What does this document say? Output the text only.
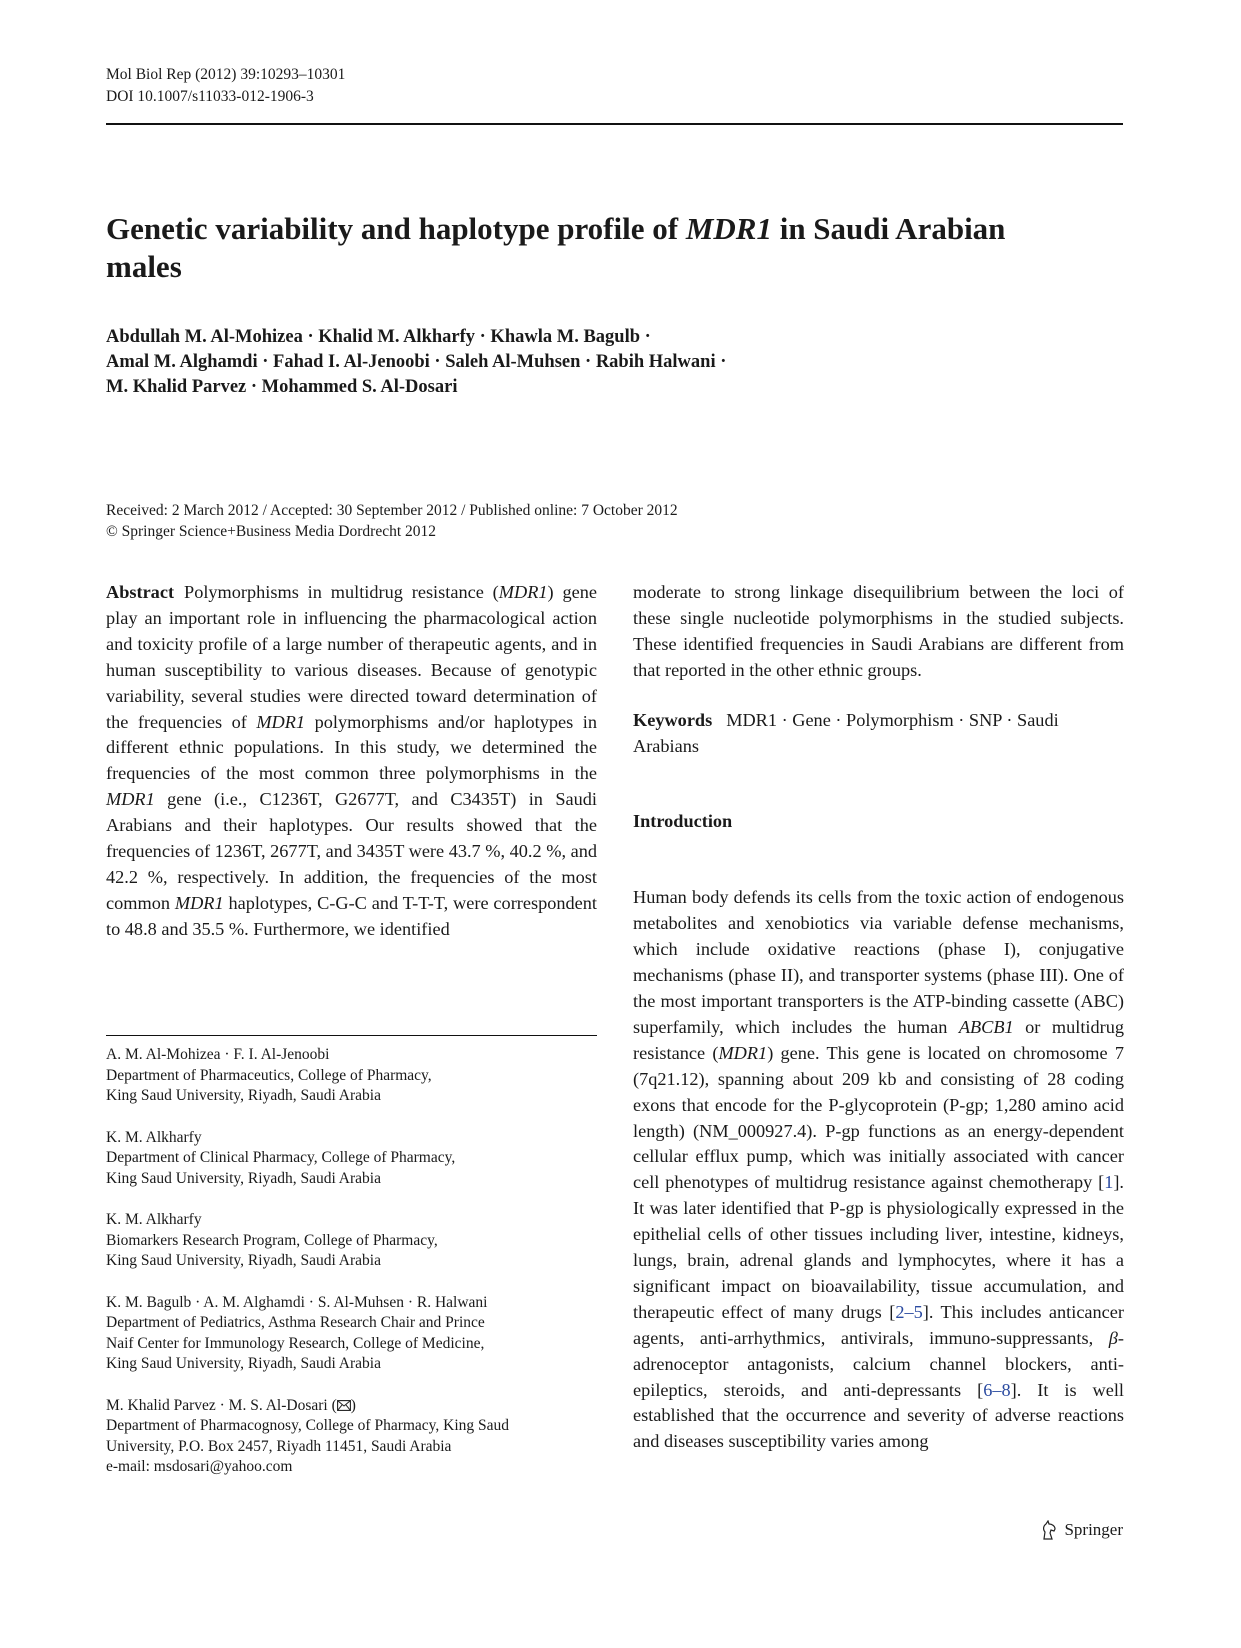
Mol Biol Rep (2012) 39:10293–10301
DOI 10.1007/s11033-012-1906-3
Genetic variability and haplotype profile of MDR1 in Saudi Arabian males
Abdullah M. Al-Mohizea · Khalid M. Alkharfy · Khawla M. Bagulb ·
Amal M. Alghamdi · Fahad I. Al-Jenoobi · Saleh Al-Muhsen · Rabih Halwani ·
M. Khalid Parvez · Mohammed S. Al-Dosari
Received: 2 March 2012 / Accepted: 30 September 2012 / Published online: 7 October 2012
© Springer Science+Business Media Dordrecht 2012
Abstract Polymorphisms in multidrug resistance (MDR1) gene play an important role in influencing the pharmacological action and toxicity profile of a large number of therapeutic agents, and in human susceptibility to various diseases. Because of genotypic variability, several studies were directed toward determination of the frequencies of MDR1 polymorphisms and/or haplotypes in different ethnic populations. In this study, we determined the frequencies of the most common three polymorphisms in the MDR1 gene (i.e., C1236T, G2677T, and C3435T) in Saudi Arabians and their haplotypes. Our results showed that the frequencies of 1236T, 2677T, and 3435T were 43.7 %, 40.2 %, and 42.2 %, respectively. In addition, the frequencies of the most common MDR1 haplotypes, C-G-C and T-T-T, were correspondent to 48.8 and 35.5 %. Furthermore, we identified
A. M. Al-Mohizea · F. I. Al-Jenoobi
Department of Pharmaceutics, College of Pharmacy,
King Saud University, Riyadh, Saudi Arabia
K. M. Alkharfy
Department of Clinical Pharmacy, College of Pharmacy,
King Saud University, Riyadh, Saudi Arabia
K. M. Alkharfy
Biomarkers Research Program, College of Pharmacy,
King Saud University, Riyadh, Saudi Arabia
K. M. Bagulb · A. M. Alghamdi · S. Al-Muhsen · R. Halwani
Department of Pediatrics, Asthma Research Chair and Prince
Naif Center for Immunology Research, College of Medicine,
King Saud University, Riyadh, Saudi Arabia
M. Khalid Parvez · M. S. Al-Dosari ( )
Department of Pharmacognosy, College of Pharmacy, King Saud
University, P.O. Box 2457, Riyadh 11451, Saudi Arabia
e-mail: msdosari@yahoo.com
moderate to strong linkage disequilibrium between the loci of these single nucleotide polymorphisms in the studied subjects. These identified frequencies in Saudi Arabians are different from that reported in the other ethnic groups.
Keywords MDR1 · Gene · Polymorphism · SNP · Saudi Arabians
Introduction
Human body defends its cells from the toxic action of endogenous metabolites and xenobiotics via variable defense mechanisms, which include oxidative reactions (phase I), conjugative mechanisms (phase II), and transporter systems (phase III). One of the most important transporters is the ATP-binding cassette (ABC) superfamily, which includes the human ABCB1 or multidrug resistance (MDR1) gene. This gene is located on chromosome 7 (7q21.12), spanning about 209 kb and consisting of 28 coding exons that encode for the P-glycoprotein (P-gp; 1,280 amino acid length) (NM_000927.4). P-gp functions as an energy-dependent cellular efflux pump, which was initially associated with cancer cell phenotypes of multidrug resistance against chemotherapy [1]. It was later identified that P-gp is physiologically expressed in the epithelial cells of other tissues including liver, intestine, kidneys, lungs, brain, adrenal glands and lymphocytes, where it has a significant impact on bioavailability, tissue accumulation, and therapeutic effect of many drugs [2–5]. This includes anticancer agents, anti-arrhythmics, antivirals, immuno-suppressants, β-adrenoceptor antagonists, calcium channel blockers, anti-epileptics, steroids, and anti-depressants [6–8]. It is well established that the occurrence and severity of adverse reactions and diseases susceptibility varies among
Springer
